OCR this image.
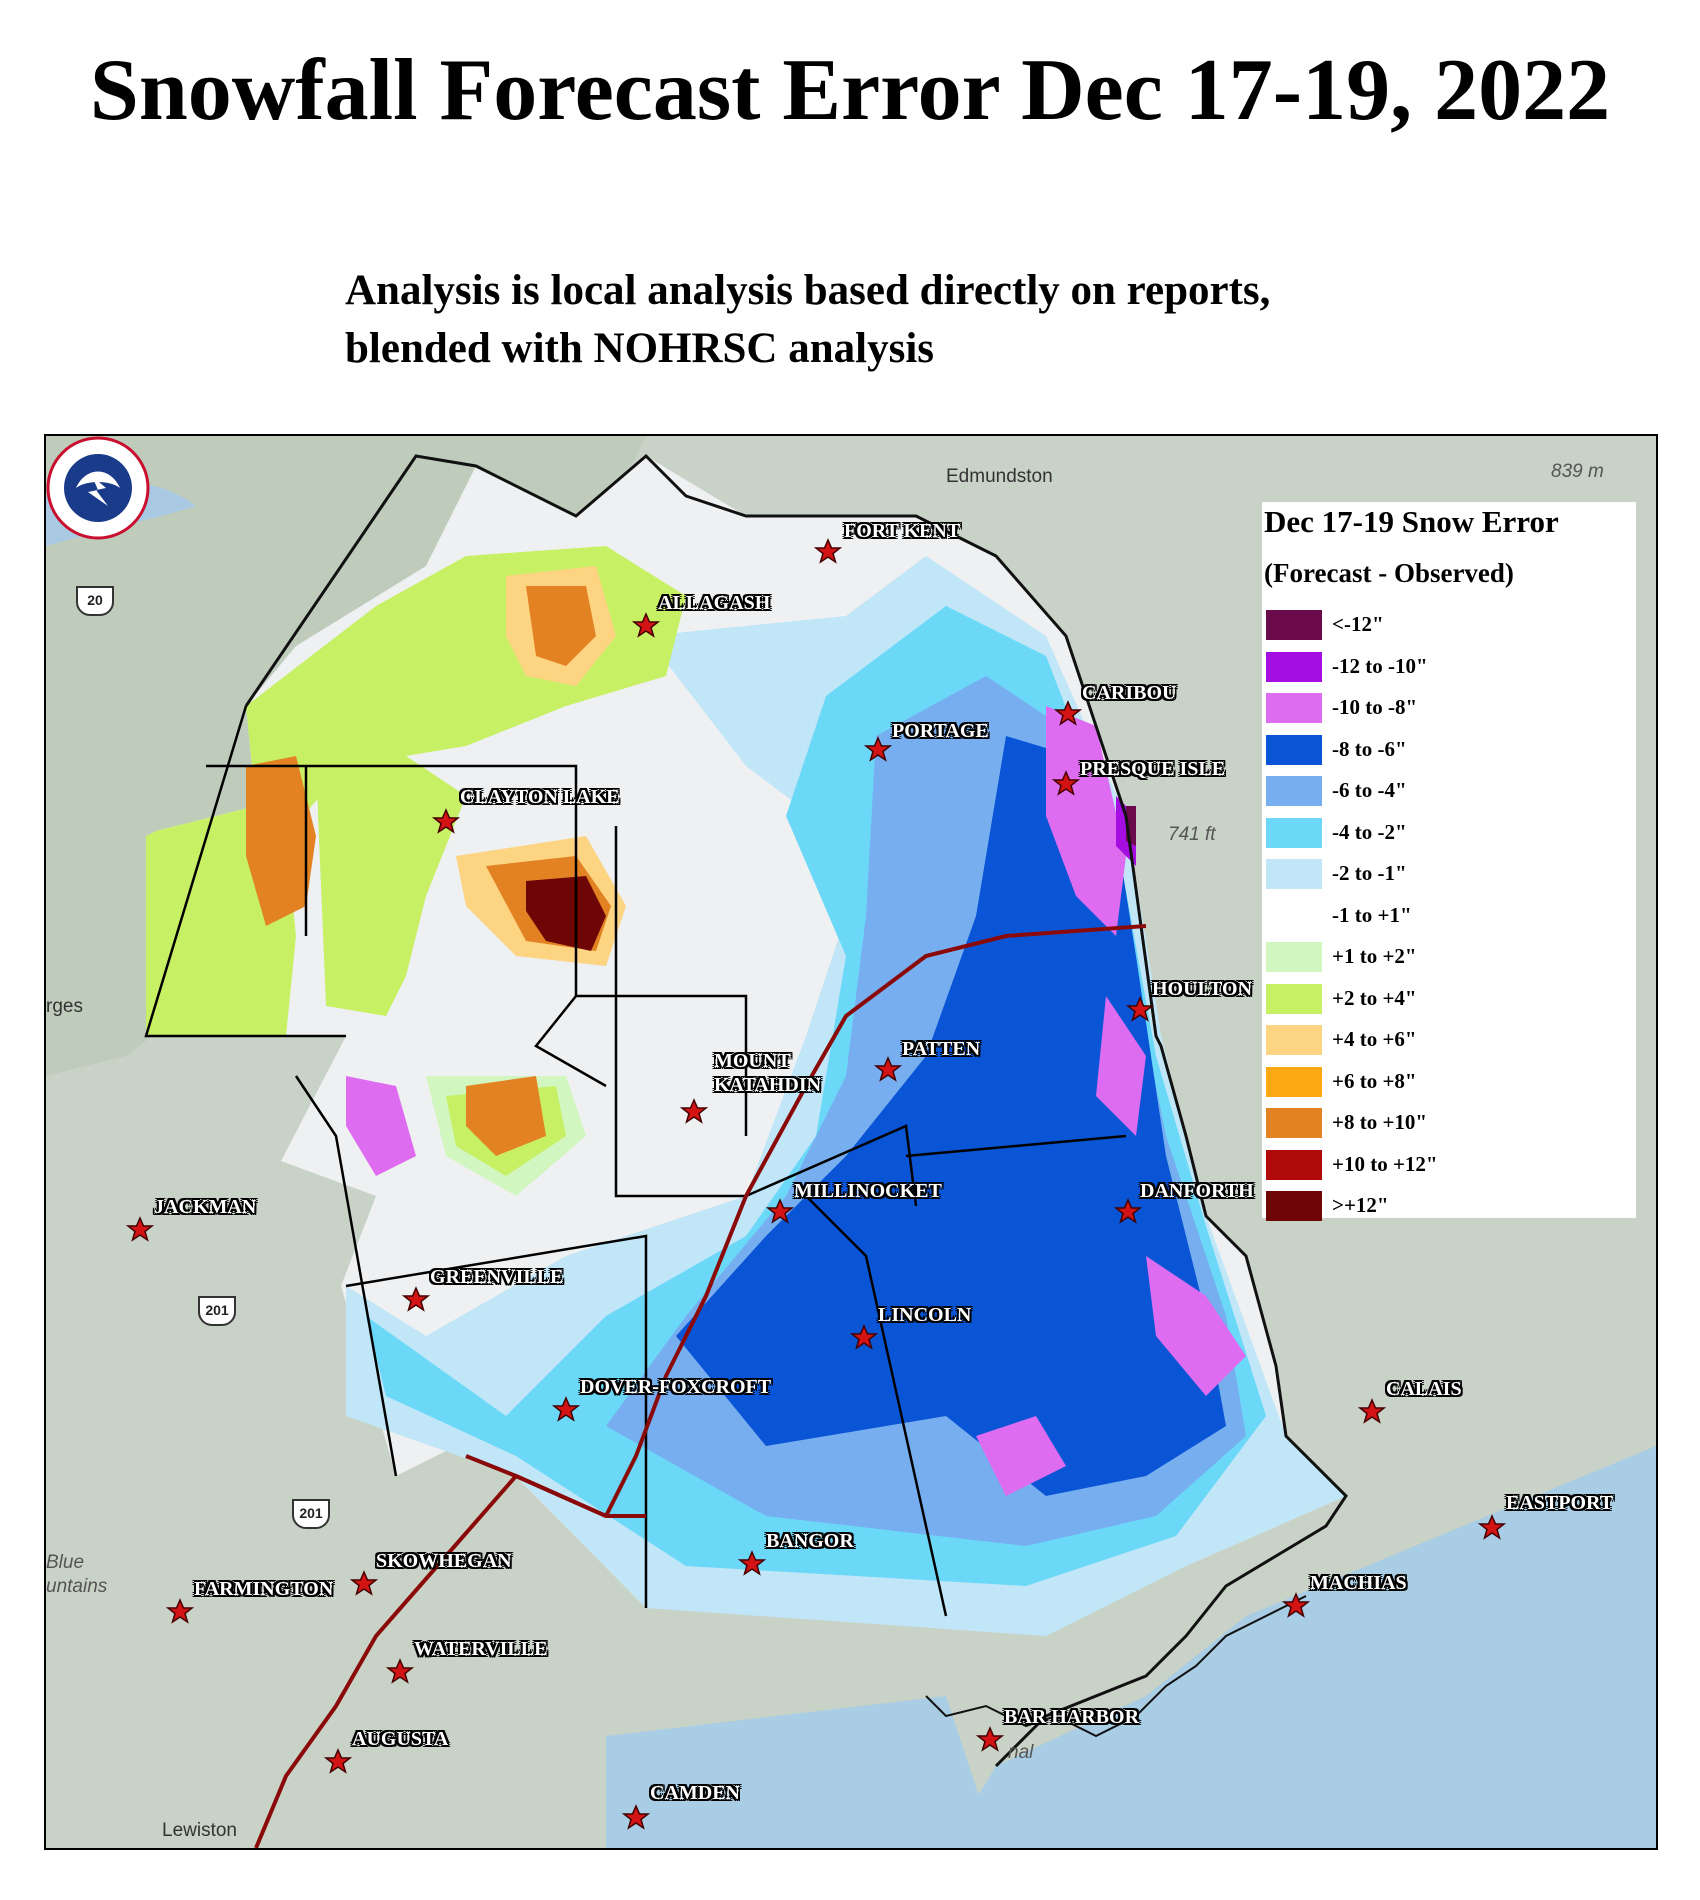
Snowfall Forecast Error Dec 17-19, 2022
Analysis is local analysis based directly on reports,
blended with NOHRSC analysis
20
201
201
Edmundston	839 m
741 ft
rges
Blue
untains
Lewiston
nal
FORT KENT
ALLAGASH
CARIBOU
PORTAGE
PRESQUE ISLE
CLAYTON LAKE
HOULTON
PATTEN
MOUNT
KATAHDIN
MILLINOCKET	DANFORTH
JACKMAN
GREENVILLE
LINCOLN
DOVER-FOXCROFT	CALAIS
EASTPORT
BANGOR
SKOWHEGAN
MACHIAS
FARMINGTON
WATERVILLE
BAR HARBOR
AUGUSTA
CAMDEN
Dec 17-19 Snow Error
(Forecast - Observed)
<-12"
-12 to -10"
-10 to -8"
-8 to -6"
-6 to -4"
-4 to -2"
-2 to -1"
-1 to +1"
+1 to +2"
+2 to +4"
+4 to +6"
+6 to +8"
+8 to +10"
+10 to +12"
>+12"
